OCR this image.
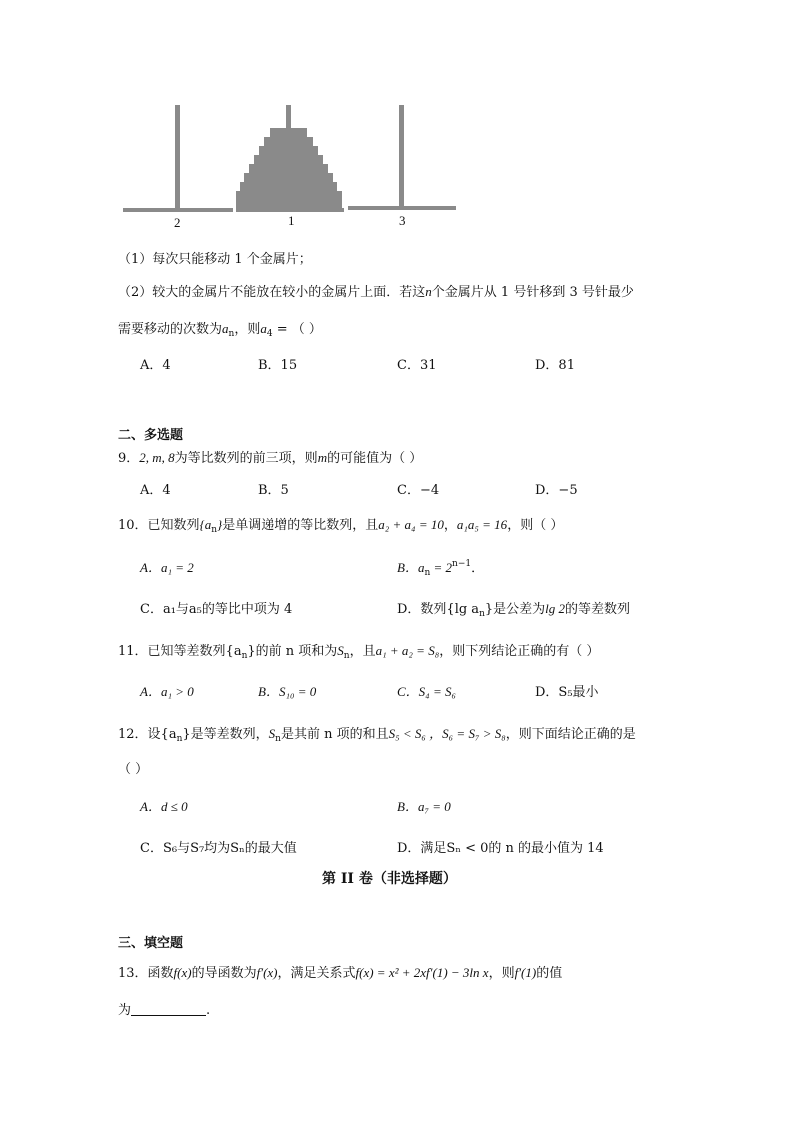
2	1	3
（1）每次只能移动 1 个金属片；
（2）较大的金属片不能放在较小的金属片上面．若这n个金属片从 1 号针移到 3 号针最少
需要移动的次数为$a_n$，则$a_4$ = （ ）
A．4	B．15	C．31	D．81
二、多选题
9．2, m, 8为等比数列的前三项，则m的可能值为（ ）
A．4	B．5	C．−4	D．−5
10．已知数列$\{a_n\}$是单调递增的等比数列，且a₂ + a₄ = 10，a₁a₅ = 16，则（ ）
A．a₁ = 2	B．$a_n = 2^{n-1}$．
C．a₁与a₅的等比中项为 4	D．数列{lg $a_n$}是公差为lg 2的等差数列
11．已知等差数列$\{a_n\}$的前 n 项和为$S_n$，且a₁ + a₂ = S₈，则下列结论正确的有（ ）
A．a₁ > 0	B．S₁₀ = 0	C．S₄ = S₆	D．S₅最小
12．设$\{a_n\}$是等差数列，$S_n$是其前 n 项的和且S₅ < S₆ ，S₆ = S₇ > S₈，则下面结论正确的是
（ ）
A．d ≤ 0	B．a₇ = 0
C．S₆与S₇均为Sₙ的最大值	D．满足Sₙ < 0的 n 的最小值为 14
第 II 卷（非选择题）
三、填空题
13．函数f(x)的导函数为f′(x)，满足关系式f(x) = x² + 2xf′(1) − 3ln x，则f′(1)的值
为	.
